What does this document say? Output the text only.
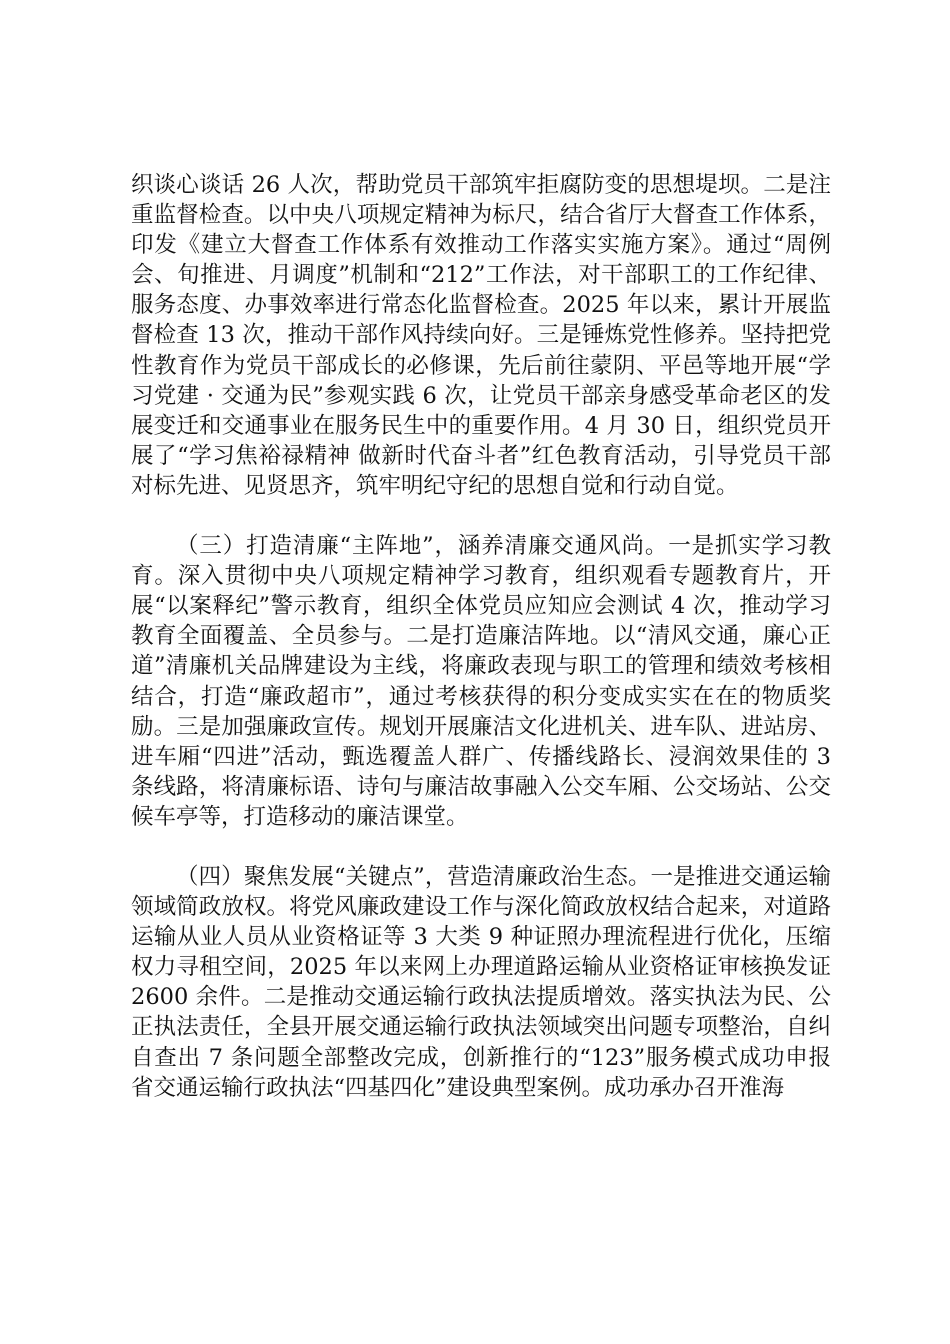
织谈心谈话 26 人次，帮助党员干部筑牢拒腐防变的思想堤坝。二是注重监督检查。以中央八项规定精神为标尺，结合省厅大督查工作体系，印发《建立大督查工作体系有效推动工作落实实施方案》。通过“周例会、旬推进、月调度”机制和“212”工作法，对干部职工的工作纪律、服务态度、办事效率进行常态化监督检查。2025 年以来，累计开展监督检查 13 次，推动干部作风持续向好。三是锤炼党性修养。坚持把党性教育作为党员干部成长的必修课，先后前往蒙阴、平邑等地开展“学习党建 · 交通为民”参观实践 6 次，让党员干部亲身感受革命老区的发展变迁和交通事业在服务民生中的重要作用。4 月 30 日，组织党员开展了“学习焦裕禄精神 做新时代奋斗者”红色教育活动，引导党员干部对标先进、见贤思齐，筑牢明纪守纪的思想自觉和行动自觉。

（三）打造清廉“主阵地”，涵养清廉交通风尚。一是抓实学习教育。深入贯彻中央八项规定精神学习教育，组织观看专题教育片，开展“以案释纪”警示教育，组织全体党员应知应会测试 4 次，推动学习教育全面覆盖、全员参与。二是打造廉洁阵地。以“清风交通，廉心正道”清廉机关品牌建设为主线，将廉政表现与职工的管理和绩效考核相结合，打造“廉政超市”，通过考核获得的积分变成实实在在的物质奖励。三是加强廉政宣传。规划开展廉洁文化进机关、进车队、进站房、进车厢“四进”活动，甄选覆盖人群广、传播线路长、浸润效果佳的 3 条线路，将清廉标语、诗句与廉洁故事融入公交车厢、公交场站、公交候车亭等，打造移动的廉洁课堂。

（四）聚焦发展“关键点”，营造清廉政治生态。一是推进交通运输领域简政放权。将党风廉政建设工作与深化简政放权结合起来，对道路运输从业人员从业资格证等 3 大类 9 种证照办理流程进行优化，压缩权力寻租空间，2025 年以来网上办理道路运输从业资格证审核换发证 2600 余件。二是推动交通运输行政执法提质增效。落实执法为民、公正执法责任，全县开展交通运输行政执法领域突出问题专项整治，自纠自查出 7 条问题全部整改完成，创新推行的“123”服务模式成功申报省交通运输行政执法“四基四化”建设典型案例。成功承办召开淮海
